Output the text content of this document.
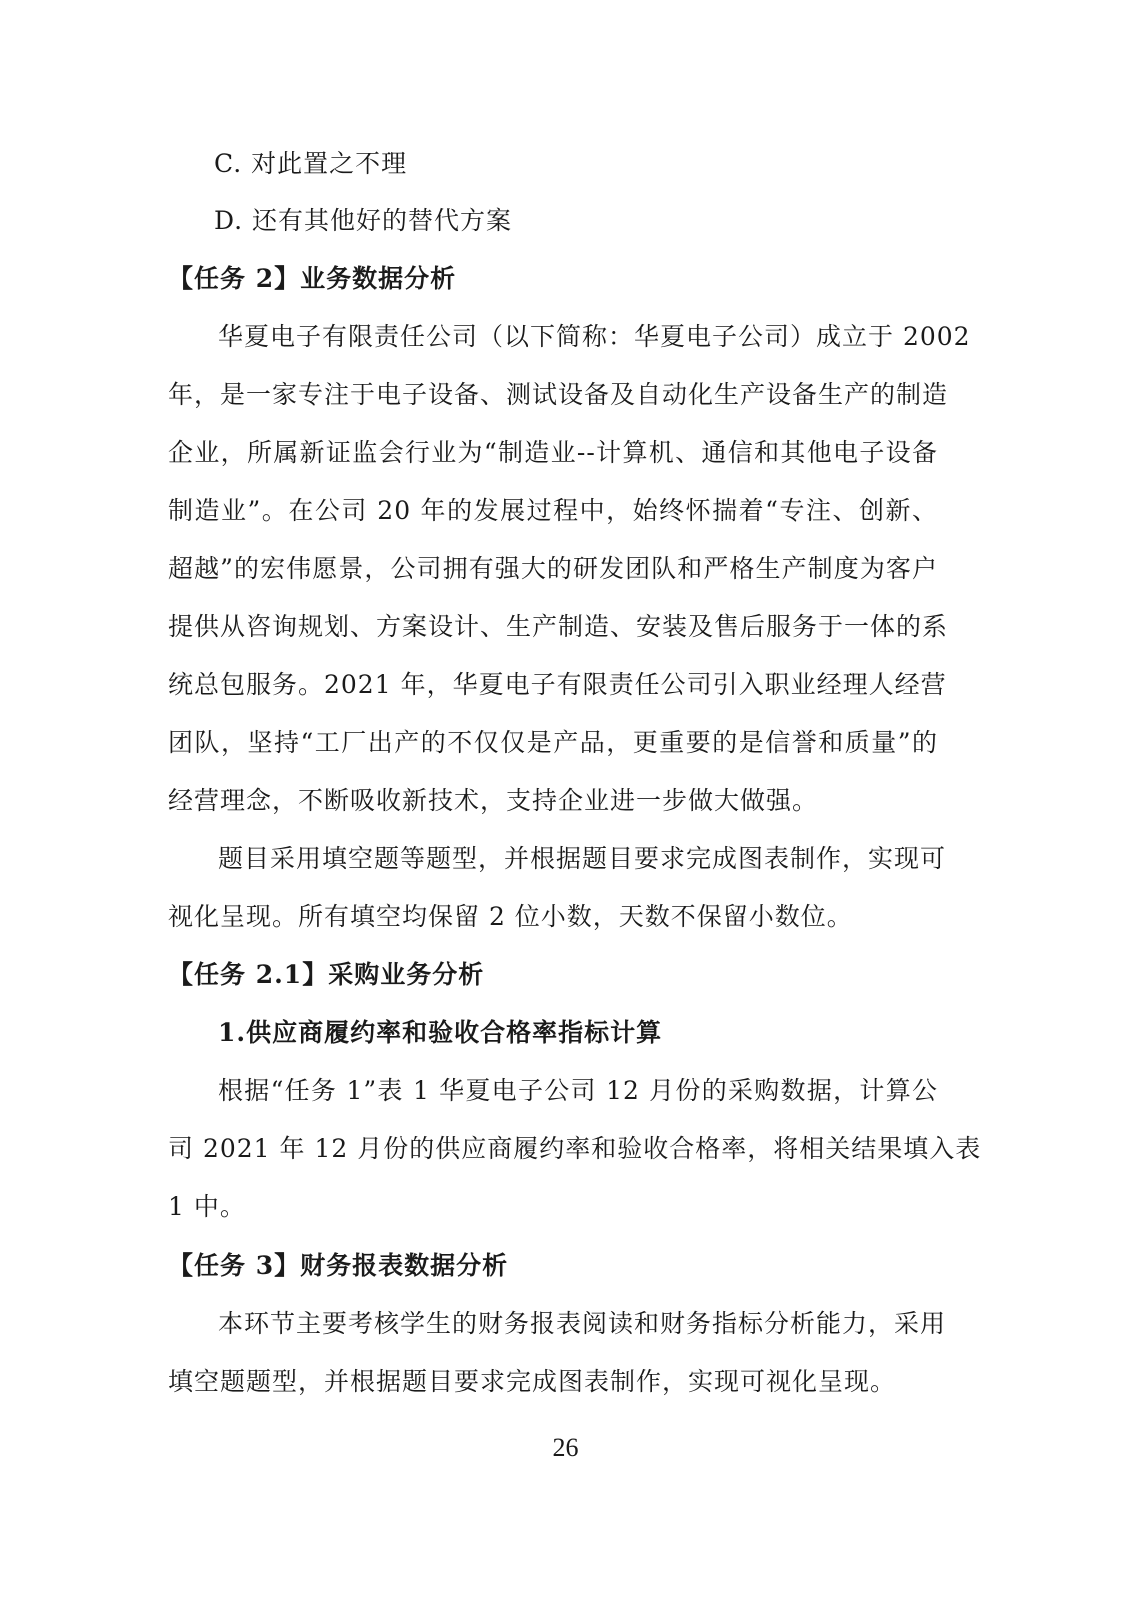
C. 对此置之不理
D. 还有其他好的替代方案
【任务 2】业务数据分析
华夏电子有限责任公司（以下简称：华夏电子公司）成立于 2002
年，是一家专注于电子设备、测试设备及自动化生产设备生产的制造
企业，所属新证监会行业为“制造业--计算机、通信和其他电子设备
制造业”。在公司 20 年的发展过程中，始终怀揣着“专注、创新、
超越”的宏伟愿景，公司拥有强大的研发团队和严格生产制度为客户
提供从咨询规划、方案设计、生产制造、安装及售后服务于一体的系
统总包服务。2021 年，华夏电子有限责任公司引入职业经理人经营
团队，坚持“工厂出产的不仅仅是产品，更重要的是信誉和质量”的
经营理念，不断吸收新技术，支持企业进一步做大做强。
题目采用填空题等题型，并根据题目要求完成图表制作，实现可
视化呈现。所有填空均保留 2 位小数，天数不保留小数位。
【任务 2.1】采购业务分析
1.供应商履约率和验收合格率指标计算
根据“任务 1”表 1 华夏电子公司 12 月份的采购数据，计算公
司 2021 年 12 月份的供应商履约率和验收合格率，将相关结果填入表
1 中。
【任务 3】财务报表数据分析
本环节主要考核学生的财务报表阅读和财务指标分析能力，采用
填空题题型，并根据题目要求完成图表制作，实现可视化呈现。
26
